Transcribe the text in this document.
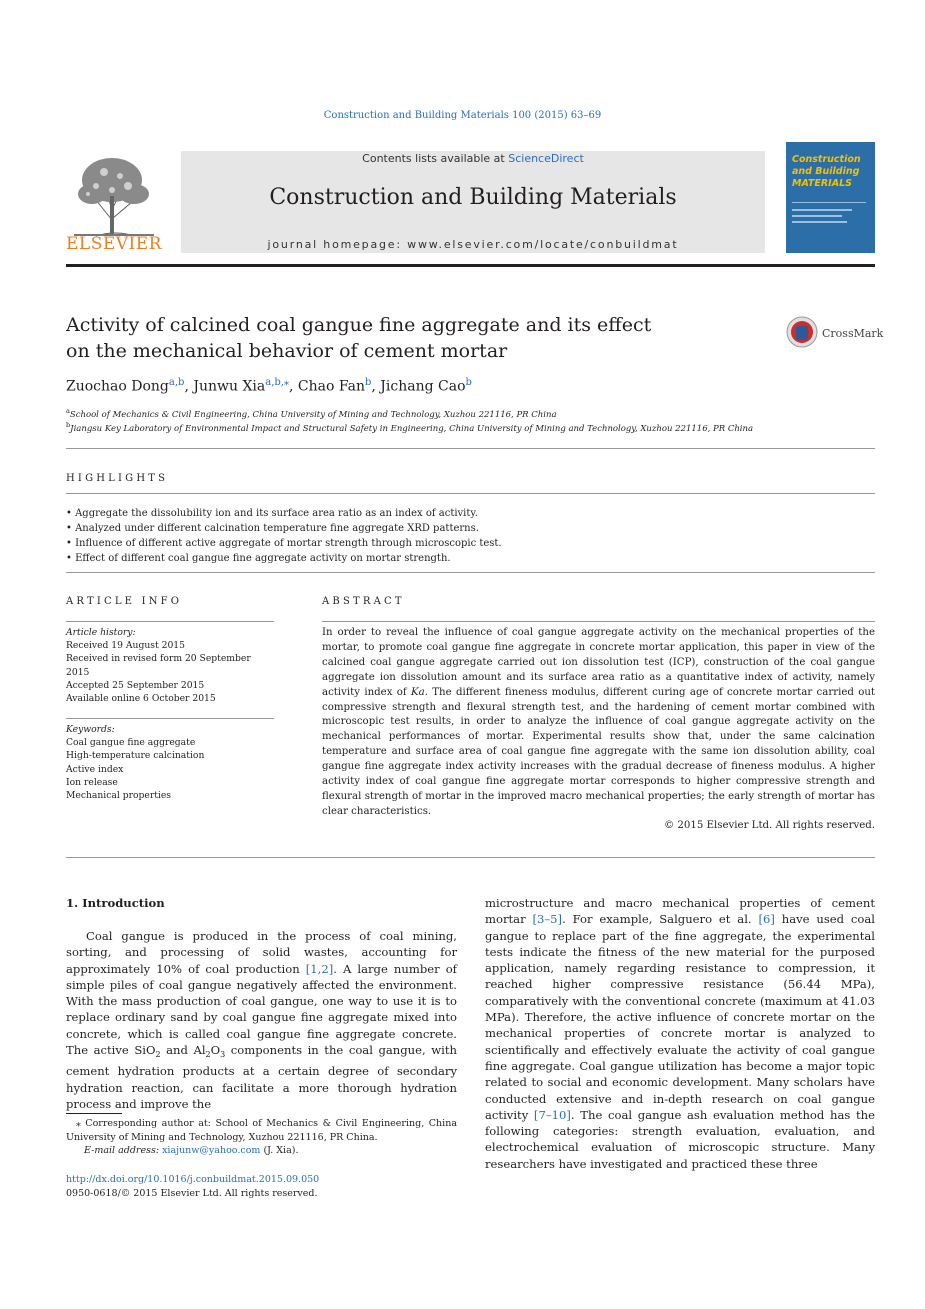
Construction and Building Materials 100 (2015) 63–69
ELSEVIER
Contents lists available at ScienceDirect
Construction and Building Materials
journal homepage: www.elsevier.com/locate/conbuildmat
Construction and Building MATERIALS
Activity of calcined coal gangue fine aggregate and its effect
on the mechanical behavior of cement mortar
CrossMark
Zuochao Dong$^{a,b}$, Junwu Xia$^{a,b,⁎}$, Chao Fan$^b$, Jichang Cao$^b$
$^a$School of Mechanics & Civil Engineering, China University of Mining and Technology, Xuzhou 221116, PR China
$^b$Jiangsu Key Laboratory of Environmental Impact and Structural Safety in Engineering, China University of Mining and Technology, Xuzhou 221116, PR China
HIGHLIGHTS
• Aggregate the dissolubility ion and its surface area ratio as an index of activity.
• Analyzed under different calcination temperature fine aggregate XRD patterns.
• Influence of different active aggregate of mortar strength through microscopic test.
• Effect of different coal gangue fine aggregate activity on mortar strength.
ARTICLE INFO
Article history:
Received 19 August 2015
Received in revised form 20 September 2015
Accepted 25 September 2015
Available online 6 October 2015
Keywords:
Coal gangue fine aggregate
High-temperature calcination
Active index
Ion release
Mechanical properties
ABSTRACT
In order to reveal the influence of coal gangue aggregate activity on the mechanical properties of the mortar, to promote coal gangue fine aggregate in concrete mortar application, this paper in view of the calcined coal gangue aggregate carried out ion dissolution test (ICP), construction of the coal gangue aggregate ion dissolution amount and its surface area ratio as a quantitative index of activity, namely activity index of Ka. The different fineness modulus, different curing age of concrete mortar carried out compressive strength and flexural strength test, and the hardening of cement mortar combined with microscopic test results, in order to analyze the influence of coal gangue aggregate activity on the mechanical performances of mortar. Experimental results show that, under the same calcination temperature and surface area of coal gangue fine aggregate with the same ion dissolution ability, coal gangue fine aggregate index activity increases with the gradual decrease of fineness modulus. A higher activity index of coal gangue fine aggregate mortar corresponds to higher compressive strength and flexural strength of mortar in the improved macro mechanical properties; the early strength of mortar has clear characteristics.
© 2015 Elsevier Ltd. All rights reserved.
1. Introduction

Coal gangue is produced in the process of coal mining, sorting, and processing of solid wastes, accounting for approximately 10% of coal production [1,2]. A large number of simple piles of coal gangue negatively affected the environment. With the mass production of coal gangue, one way to use it is to replace ordinary sand by coal gangue fine aggregate mixed into concrete, which is called coal gangue fine aggregate concrete. The active SiO$_2$ and $Al_2O_3$ components in the coal gangue, with cement hydration products at a certain degree of secondary hydration reaction, can facilitate a more thorough hydration process and improve the

microstructure and macro mechanical properties of cement mortar [3–5]. For example, Salguero et al. [6] have used coal gangue to replace part of the fine aggregate, the experimental tests indicate the fitness of the new material for the purposed application, namely regarding resistance to compression, it reached higher compressive resistance (56.44 MPa), comparatively with the conventional concrete (maximum at 41.03 MPa). Therefore, the active influence of concrete mortar on the mechanical properties of concrete mortar is analyzed to scientifically and effectively evaluate the activity of coal gangue fine aggregate. Coal gangue utilization has become a major topic related to social and economic development. Many scholars have conducted extensive and in-depth research on coal gangue activity [7–10]. The coal gangue ash evaluation method has the following categories: strength evaluation, evaluation, and electrochemical evaluation of microscopic structure. Many researchers have investigated and practiced these three

⁎ Corresponding author at: School of Mechanics & Civil Engineering, China University of Mining and Technology, Xuzhou 221116, PR China.
E-mail address: xiajunw@yahoo.com (J. Xia).
http://dx.doi.org/10.1016/j.conbuildmat.2015.09.050
0950-0618/© 2015 Elsevier Ltd. All rights reserved.
